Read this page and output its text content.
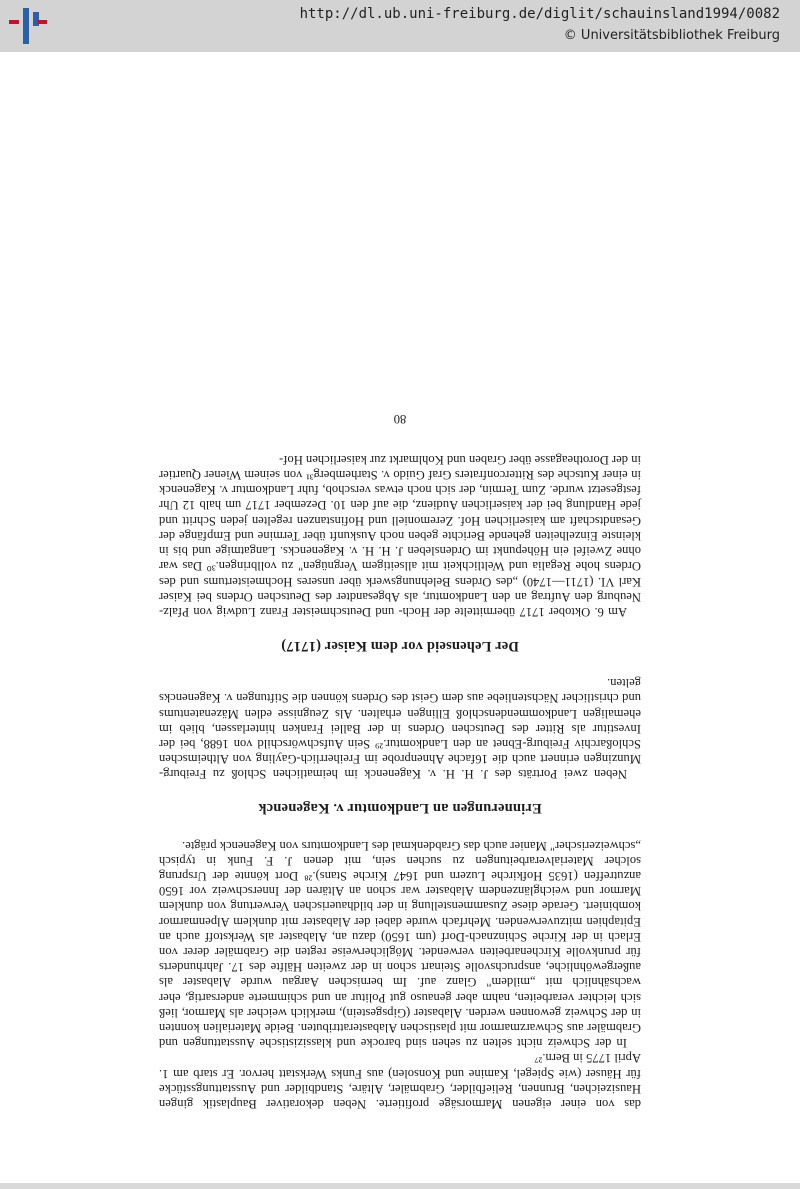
das von einer eigenen Marmorsäge profitierte. Neben dekorativer Bauplastik gingen Hausizeichen, Brunnen, Reliefbilder, Grabmäler, Altäre, Standbilder und Ausstattungsstücke für Häuser (wie Spiegel, Kamine und Konsolen) aus Funks Werkstatt hervor. Er starb am 1. April 1775 in Bern.²⁷

In der Schweiz nicht selten zu sehen sind barocke und klassizistische Ausstattungen und Grabmäler aus Schwarzmarmor mit plastischen Alabasterattributen. Beide Materialien konnten in der Schweiz gewonnen werden. Alabaster (Gipsgestein), merklich weicher als Marmor, ließ sich leichter verarbeiten, nahm aber genauso gut Politur an und schimmerte andersartig, eher wachsähnlich mit „mildem" Glanz auf. Im bernischen Aargau wurde Alabaster als außergewöhnliche, anspruchsvolle Steinart schon in der zweiten Hälfte des 17. Jahrhunderts für prunkvolle Kirchenarbeiten verwendet. Möglicherweise regten die Grabmäler derer von Erlach in der Kirche Schinznach-Dorf (um 1650) dazu an, Alabaster als Werkstoff auch an Epitaphien mitzuverwenden. Mehrfach wurde dabei der Alabaster mit dunklem Alpenmarmor kombiniert. Gerade diese Zusammenstellung in der bildhauerischen Verwertung von dunklem Marmor und weichglänzendem Alabaster war schon an Altären der Innerschweiz vor 1650 anzutreffen (1635 Hofkirche Luzern und 1647 Kirche Stans).²⁸ Dort könnte der Ursprung solcher Materialverarbeitungen zu suchen sein, mit denen J. F. Funk in typisch „schweizerischer" Manier auch das Grabdenkmal des Landkomturs von Kagenenck prägte.

Erinnerungen an Landkomtur v. Kagenenck

Neben zwei Porträts des J. H. H. v. Kagenenck im heimatlichen Schloß zu Freiburg-Munzingen erinnert auch die 16fache Ahnenprobe im Freiherrlich-Gayling von Altheimschen Schloßarchiv Freiburg-Ebnet an den Landkomtur.²⁹ Sein Aufschwörschild von 1688, bei der Investitur als Ritter des Deutschen Ordens in der Ballei Franken hinterlassen, blieb im ehemaligen Landkommendenschloß Ellingen erhalten. Als Zeugnisse edlen Mäzenatentums und christlicher Nächstenliebe aus dem Geist des Ordens können die Stiftungen v. Kagenencks gelten.

Der Lehenseid vor dem Kaiser (1717)

Am 6. Oktober 1717 übermittelte der Hoch- und Deutschmeister Franz Ludwig von Pfalz-Neuburg den Auftrag an den Landkomtur, als Abgesandter des Deutschen Ordens bei Kaiser Karl VI. (1711—1740) „des Ordens Belehnungswerk über unseres Hochmeistertums und des Ordens hohe Regalia und Weltlichkeit mit allseitigem Vergnügen" zu vollbringen.³⁰ Das war ohne Zweifel ein Höhepunkt im Ordensleben J. H. H. v. Kagenencks. Langatmige und bis in kleinste Einzelheiten gehende Berichte geben noch Auskunft über Termine und Empfänge der Gesandtschaft am kaiserlichen Hof. Zeremoniell und Hofinstanzen regelten jeden Schritt und jede Handlung bei der kaiserlichen Audienz, die auf den 10. Dezember 1717 um halb 12 Uhr festgesetzt wurde. Zum Termin, der sich noch etwas verschob, fuhr Landkomtur v. Kagenenck in einer Kutsche des Ritterconfraters Graf Guido v. Starhemberg³¹ von seinem Wiener Quartier in der Dorotheagasse über Graben und Kohlmarkt zur kaiserlichen Hof-

80
© Universitätsbibliothek Freiburg
http://dl.ub.uni-freiburg.de/diglit/schauinsland1994/0082
